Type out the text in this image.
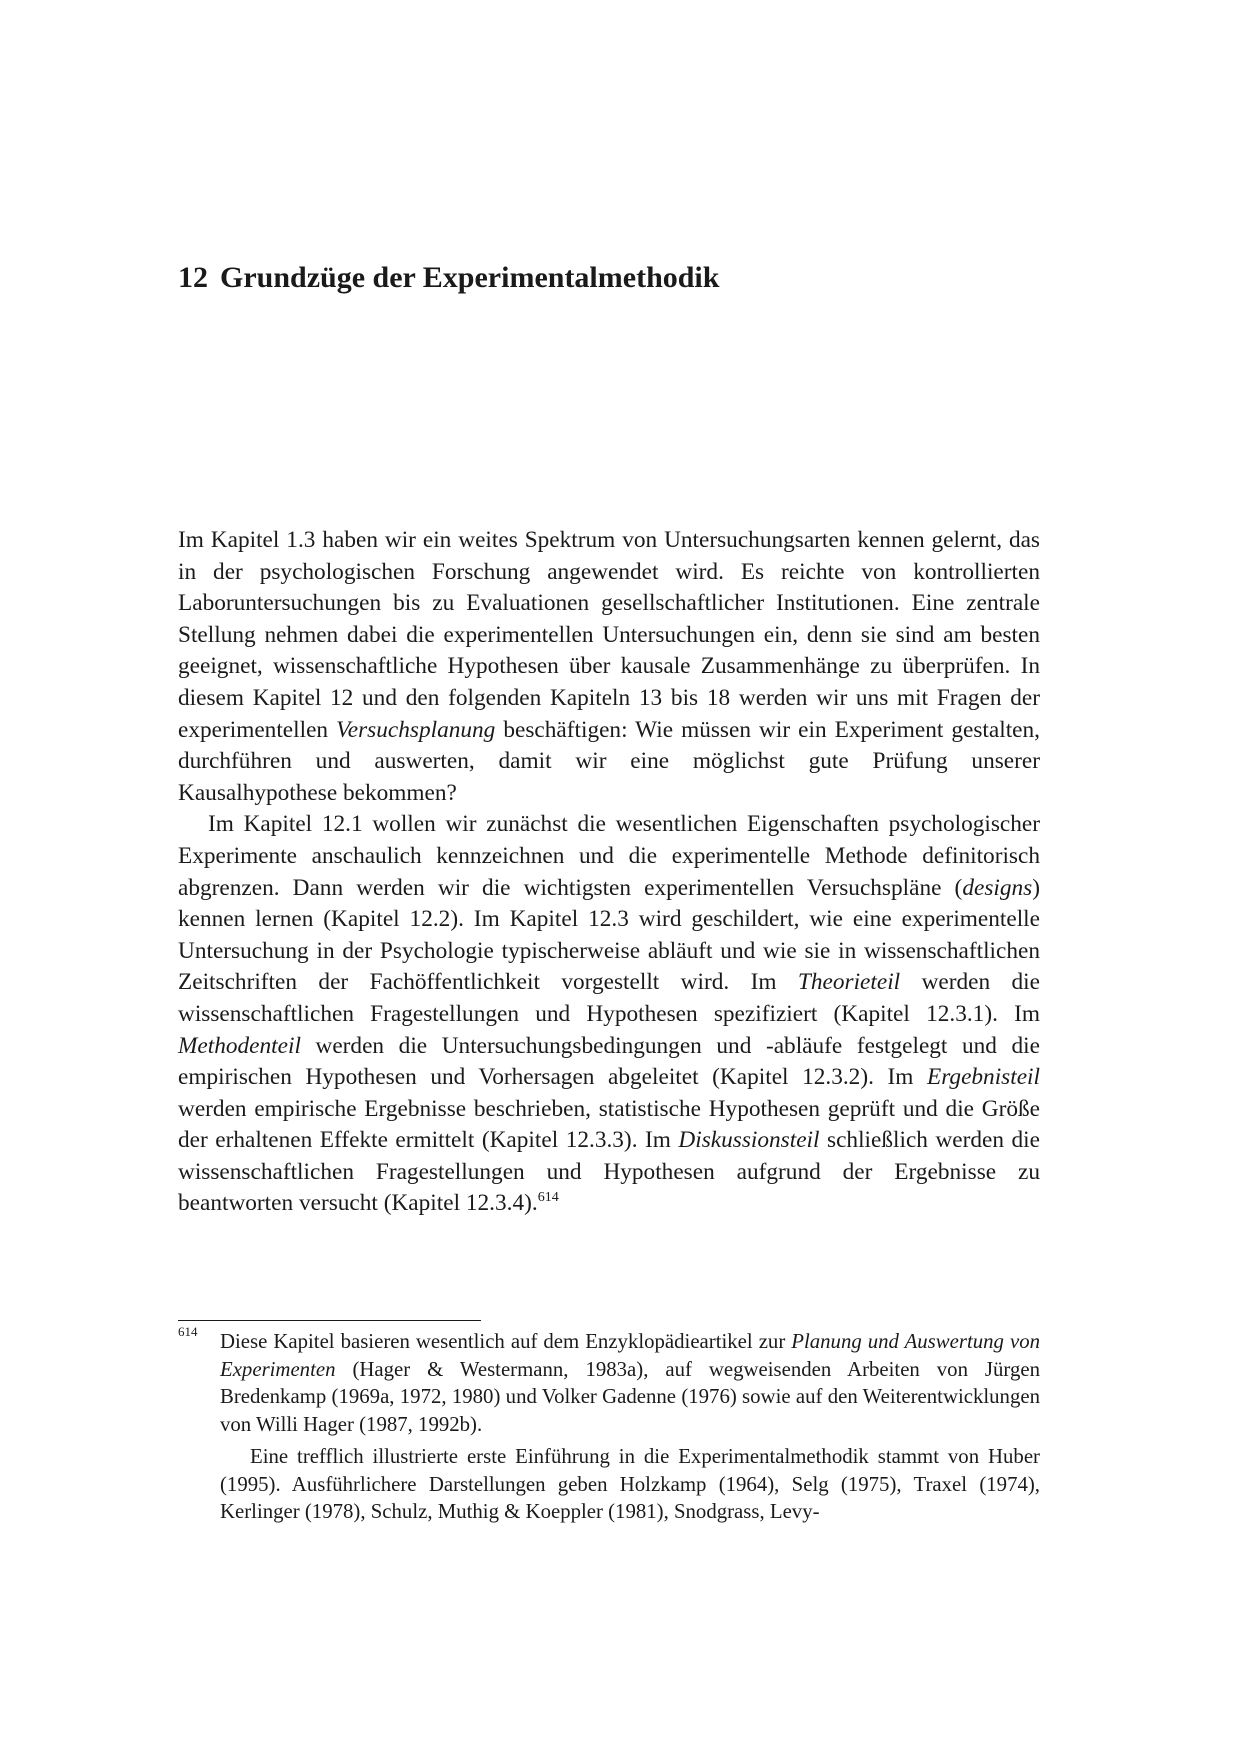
12 Grundzüge der Experimentalmethodik

Im Kapitel 1.3 haben wir ein weites Spektrum von Untersuchungsarten kennen gelernt, das in der psychologischen Forschung angewendet wird. Es reichte von kontrollierten Laboruntersuchungen bis zu Evaluationen gesellschaftlicher Institutionen. Eine zentrale Stellung nehmen dabei die experimentellen Untersuchungen ein, denn sie sind am besten geeignet, wissenschaftliche Hypothesen über kausale Zusammenhänge zu überprüfen. In diesem Kapitel 12 und den folgenden Kapiteln 13 bis 18 werden wir uns mit Fragen der experimentellen Versuchsplanung beschäftigen: Wie müssen wir ein Experiment gestalten, durchführen und auswerten, damit wir eine möglichst gute Prüfung unserer Kausalhypothese bekommen?

Im Kapitel 12.1 wollen wir zunächst die wesentlichen Eigenschaften psychologischer Experimente anschaulich kennzeichnen und die experimentelle Methode definitorisch abgrenzen. Dann werden wir die wichtigsten experimentellen Versuchspläne (designs) kennen lernen (Kapitel 12.2). Im Kapitel 12.3 wird geschildert, wie eine experimentelle Untersuchung in der Psychologie typischerweise abläuft und wie sie in wissenschaftlichen Zeitschriften der Fachöffentlichkeit vorgestellt wird. Im Theorieteil werden die wissenschaftlichen Fragestellungen und Hypothesen spezifiziert (Kapitel 12.3.1). Im Methodenteil werden die Untersuchungsbedingungen und -abläufe festgelegt und die empirischen Hypothesen und Vorhersagen abgeleitet (Kapitel 12.3.2). Im Ergebnisteil werden empirische Ergebnisse beschrieben, statistische Hypothesen geprüft und die Größe der erhaltenen Effekte ermittelt (Kapitel 12.3.3). Im Diskussionsteil schließlich werden die wissenschaftlichen Fragestellungen und Hypothesen aufgrund der Ergebnisse zu beantworten versucht (Kapitel 12.3.4).$^{614}$

614 Diese Kapitel basieren wesentlich auf dem Enzyklopädieartikel zur Planung und Auswertung von Experimenten (Hager & Westermann, 1983a), auf wegweisenden Arbeiten von Jürgen Bredenkamp (1969a, 1972, 1980) und Volker Gadenne (1976) sowie auf den Weiterentwicklungen von Willi Hager (1987, 1992b).

Eine trefflich illustrierte erste Einführung in die Experimentalmethodik stammt von Huber (1995). Ausführlichere Darstellungen geben Holzkamp (1964), Selg (1975), Traxel (1974), Kerlinger (1978), Schulz, Muthig & Koeppler (1981), Snodgrass, Levy-
